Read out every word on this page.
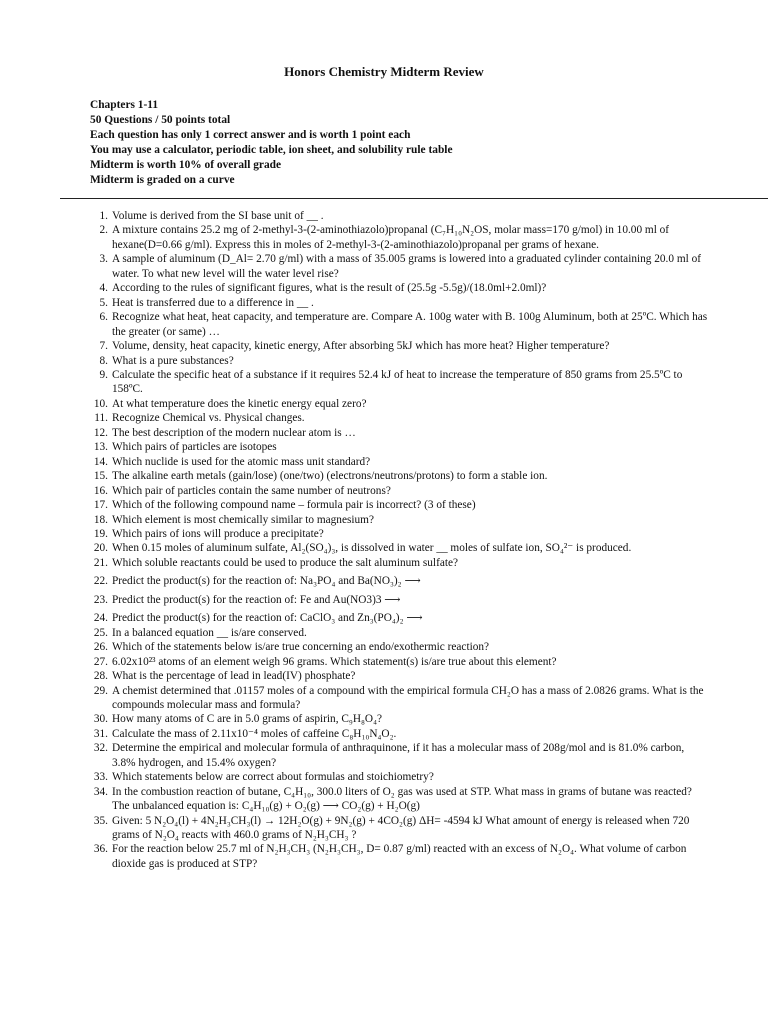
Honors Chemistry Midterm Review
Chapters 1-11
50 Questions / 50 points total
Each question has only 1 correct answer and is worth 1 point each
You may use a calculator, periodic table, ion sheet, and solubility rule table
Midterm is worth 10% of overall grade
Midterm is graded on a curve
1. Volume is derived from the SI base unit of __ .
2. A mixture contains 25.2 mg of 2-methyl-3-(2-aminothiazolo)propanal (C₇H₁₀N₂OS, molar mass=170 g/mol) in 10.00 ml of hexane(D=0.66 g/ml). Express this in moles of 2-methyl-3-(2-aminothiazolo)propanal per grams of hexane.
3. A sample of aluminum (D_Al= 2.70 g/ml) with a mass of 35.005 grams is lowered into a graduated cylinder containing 20.0 ml of water. To what new level will the water level rise?
4. According to the rules of significant figures, what is the result of (25.5g -5.5g)/(18.0ml+2.0ml)?
5. Heat is transferred due to a difference in __ .
6. Recognize what heat, heat capacity, and temperature are. Compare A. 100g water with B. 100g Aluminum, both at 25ºC. Which has the greater (or same) …
7. Volume, density, heat capacity, kinetic energy, After absorbing 5kJ which has more heat? Higher temperature?
8. What is a pure substances?
9. Calculate the specific heat of a substance if it requires 52.4 kJ of heat to increase the temperature of 850 grams from 25.5ºC to 158ºC.
10. At what temperature does the kinetic energy equal zero?
11. Recognize Chemical vs. Physical changes.
12. The best description of the modern nuclear atom is …
13. Which pairs of particles are isotopes
14. Which nuclide is used for the atomic mass unit standard?
15. The alkaline earth metals (gain/lose) (one/two) (electrons/neutrons/protons) to form a stable ion.
16. Which pair of particles contain the same number of neutrons?
17. Which of the following compound name – formula pair is incorrect? (3 of these)
18. Which element is most chemically similar to magnesium?
19. Which pairs of ions will produce a precipitate?
20. When 0.15 moles of aluminum sulfate, Al₂(SO₄)₃, is dissolved in water __ moles of sulfate ion, SO₄²⁻ is produced.
21. Which soluble reactants could be used to produce the salt aluminum sulfate?
22. Predict the product(s) for the reaction of: Na₃PO₄ and Ba(NO₃)₂ ⟶
23. Predict the product(s) for the reaction of: Fe and Au(NO3)3 ⟶
24. Predict the product(s) for the reaction of: CaClO₃ and Zn₃(PO₄)₂ ⟶
25. In a balanced equation __ is/are conserved.
26. Which of the statements below is/are true concerning an endo/exothermic reaction?
27. 6.02x10²³ atoms of an element weigh 96 grams. Which statement(s) is/are true about this element?
28. What is the percentage of lead in lead(IV) phosphate?
29. A chemist determined that .01157 moles of a compound with the empirical formula CH₂O has a mass of 2.0826 grams. What is the compounds molecular mass and formula?
30. How many atoms of C are in 5.0 grams of aspirin, C₉H₈O₄?
31. Calculate the mass of 2.11x10⁻⁴ moles of caffeine C₈H₁₀N₄O₂.
32. Determine the empirical and molecular formula of anthraquinone, if it has a molecular mass of 208g/mol and is 81.0% carbon, 3.8% hydrogen, and 15.4% oxygen?
33. Which statements below are correct about formulas and stoichiometry?
34. In the combustion reaction of butane, C₄H₁₀, 300.0 liters of O₂ gas was used at STP. What mass in grams of butane was reacted? The unbalanced equation is: C₄H₁₀(g) + O₂(g) ⟶ CO₂(g) + H₂O(g)
35. Given: 5 N₂O₄(l) + 4N₂H₃CH₃(l) → 12H₂O(g) + 9N₂(g) + 4CO₂(g) ΔH= -4594 kJ What amount of energy is released when 720 grams of N₂O₄ reacts with 460.0 grams of N₂H₃CH₃ ?
36. For the reaction below 25.7 ml of N₂H₃CH₃ (N₂H₃CH₃, D= 0.87 g/ml) reacted with an excess of N₂O₄. What volume of carbon dioxide gas is produced at STP?
